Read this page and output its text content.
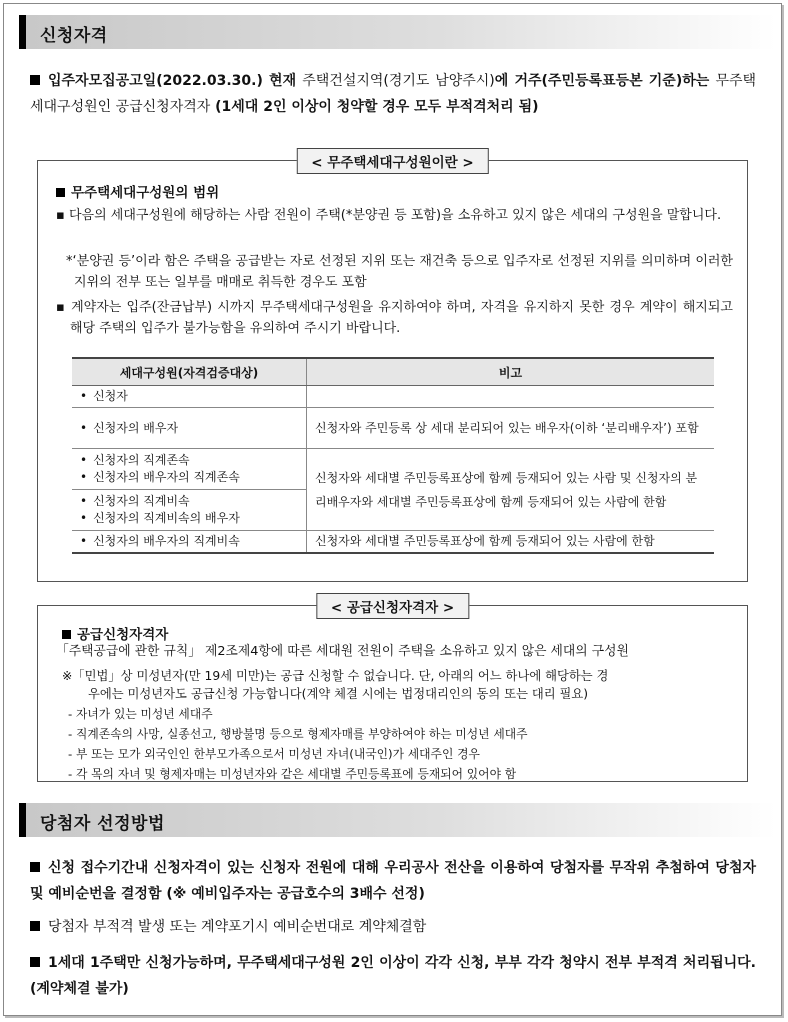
신청자격
입주자모집공고일(2022.03.30.) 현재 주택건설지역(경기도 남양주시)에 거주(주민등록표등본 기준)하는 무주택세대구성원인 공급신청자격자 (1세대 2인 이상이 청약할 경우 모두 부적격처리 됨)
< 무주택세대구성원이란 >
무주택세대구성원의 범위
▪ 다음의 세대구성원에 해당하는 사람 전원이 주택(*분양권 등 포함)을 소유하고 있지 않은 세대의 구성원을 말합니다.
*‘분양권 등’이라 함은 주택을 공급받는 자로 선정된 지위 또는 재건축 등으로 입주자로 선정된 지위를 의미하며 이러한 지위의 전부 또는 일부를 매매로 취득한 경우도 포함
▪ 계약자는 입주(잔금납부) 시까지 무주택세대구성원을 유지하여야 하며, 자격을 유지하지 못한 경우 계약이 해지되고 해당 주택의 입주가 불가능함을 유의하여 주시기 바랍니다.
세대구성원(자격검증대상)	비고
• 신청자	
• 신청자의 배우자	신청자와 주민등록 상 세대 분리되어 있는 배우자(이하 ‘분리배우자’) 포함
• 신청자의 직계존속
• 신청자의 배우자의 직계존속	신청자와 세대별 주민등록표상에 함께 등재되어 있는 사람 및 신청자의 분리배우자와 세대별 주민등록표상에 함께 등재되어 있는 사람에 한함
• 신청자의 직계비속
• 신청자의 직계비속의 배우자	
• 신청자의 배우자의 직계비속	신청자와 세대별 주민등록표상에 함께 등재되어 있는 사람에 한함
< 공급신청자격자 >
공급신청자격자
「주택공급에 관한 규칙」 제2조제4항에 따른 세대원 전원이 주택을 소유하고 있지 않은 세대의 구성원
※「민법」상 미성년자(만 19세 미만)는 공급 신청할 수 없습니다. 단, 아래의 어느 하나에 해당하는 경
우에는 미성년자도 공급신청 가능합니다(계약 체결 시에는 법정대리인의 동의 또는 대리 필요)
- 자녀가 있는 미성년 세대주
- 직계존속의 사망, 실종선고, 행방불명 등으로 형제자매를 부양하여야 하는 미성년 세대주
- 부 또는 모가 외국인인 한부모가족으로서 미성년 자녀(내국인)가 세대주인 경우
- 각 목의 자녀 및 형제자매는 미성년자와 같은 세대별 주민등록표에 등재되어 있어야 함
당첨자 선정방법
신청 접수기간내 신청자격이 있는 신청자 전원에 대해 우리공사 전산을 이용하여 당첨자를 무작위 추첨하여 당첨자 및 예비순번을 결정함 (※ 예비입주자는 공급호수의 3배수 선정)
당첨자 부적격 발생 또는 계약포기시 예비순번대로 계약체결함
1세대 1주택만 신청가능하며, 무주택세대구성원 2인 이상이 각각 신청, 부부 각각 청약시 전부 부적격 처리됩니다.(계약체결 불가)
